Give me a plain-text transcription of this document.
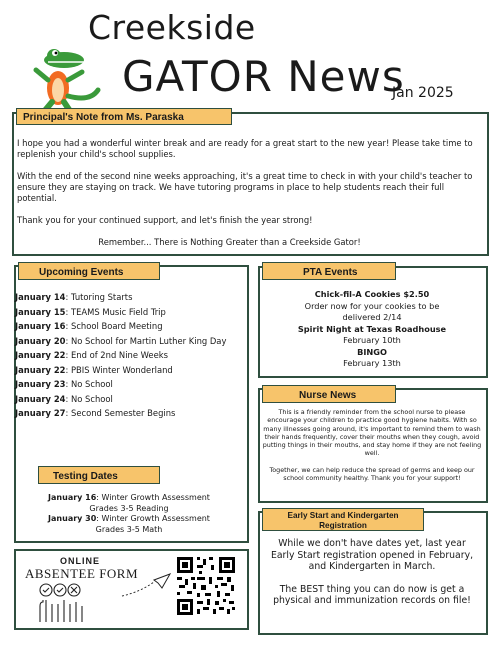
Creekside
GATOR News
Jan 2025
Principal's Note from Ms. Paraska

I hope you had a wonderful winter break and are ready for a great start to the new year! Please take time to replenish your child's school supplies.

With the end of the second nine weeks approaching, it's a great time to check in with your child's teacher to ensure they are staying on track. We have tutoring programs in place to help students reach their full potential.

Thank you for your continued support, and let's finish the year strong!

Remember... There is Nothing Greater than a Creekside Gator!

Upcoming Events
January 14: Tutoring Starts
January 15: TEAMS Music Field Trip
January 16: School Board Meeting
January 20: No School for Martin Luther King Day
January 22: End of 2nd Nine Weeks
January 22: PBIS Winter Wonderland
January 23: No School
January 24: No School
January 27: Second Semester Begins
Testing Dates
January 16: Winter Growth Assessment
Grades 3-5 Reading
January 30: Winter Growth Assessment
Grades 3-5 Math
ONLINE
ABSENTEE FORM
PTA Events
Chick-fil-A Cookies $2.50
Order now for your cookies to be
delivered 2/14
Spirit Night at Texas Roadhouse
February 10th
BINGO
February 13th
Nurse News

This is a friendly reminder from the school nurse to please encourage your children to practice good hygiene habits. With so many illnesses going around, it's important to remind them to wash their hands frequently, cover their mouths when they cough, avoid putting things in their mouths, and stay home if they are not feeling well.

Together, we can help reduce the spread of germs and keep our school community healthy. Thank you for your support!

Early Start and Kindergarten
Registration

While we don't have dates yet, last year Early Start registration opened in February, and Kindergarten in March.

The BEST thing you can do now is get a physical and immunization records on file!
